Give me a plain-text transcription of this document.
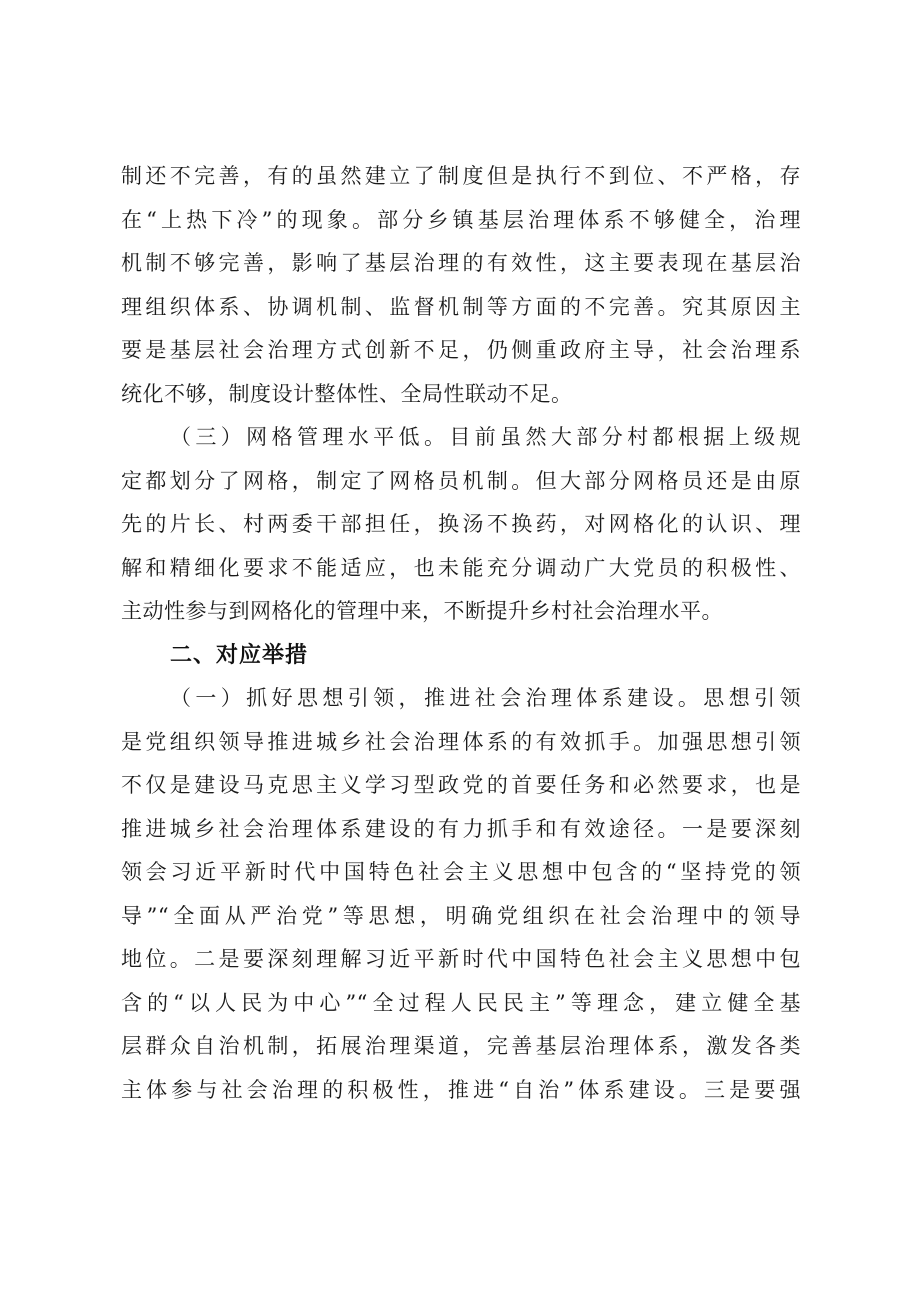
制还不完善，有的虽然建立了制度但是执行不到位、不严格，存
在“上热下冷”的现象。部分乡镇基层治理体系不够健全，治理
机制不够完善，影响了基层治理的有效性，这主要表现在基层治
理组织体系、协调机制、监督机制等方面的不完善。究其原因主
要是基层社会治理方式创新不足，仍侧重政府主导，社会治理系
统化不够，制度设计整体性、全局性联动不足。
（三）网格管理水平低。目前虽然大部分村都根据上级规
定都划分了网格，制定了网格员机制。但大部分网格员还是由原
先的片长、村两委干部担任，换汤不换药，对网格化的认识、理
解和精细化要求不能适应，也未能充分调动广大党员的积极性、
主动性参与到网格化的管理中来，不断提升乡村社会治理水平。
二、对应举措
（一）抓好思想引领，推进社会治理体系建设。思想引领
是党组织领导推进城乡社会治理体系的有效抓手。加强思想引领
不仅是建设马克思主义学习型政党的首要任务和必然要求，也是
推进城乡社会治理体系建设的有力抓手和有效途径。一是要深刻
领会习近平新时代中国特色社会主义思想中包含的“坚持党的领
导”“全面从严治党”等思想，明确党组织在社会治理中的领导
地位。二是要深刻理解习近平新时代中国特色社会主义思想中包
含的“以人民为中心”“全过程人民民主”等理念，建立健全基
层群众自治机制，拓展治理渠道，完善基层治理体系，激发各类
主体参与社会治理的积极性，推进“自治”体系建设。三是要强
